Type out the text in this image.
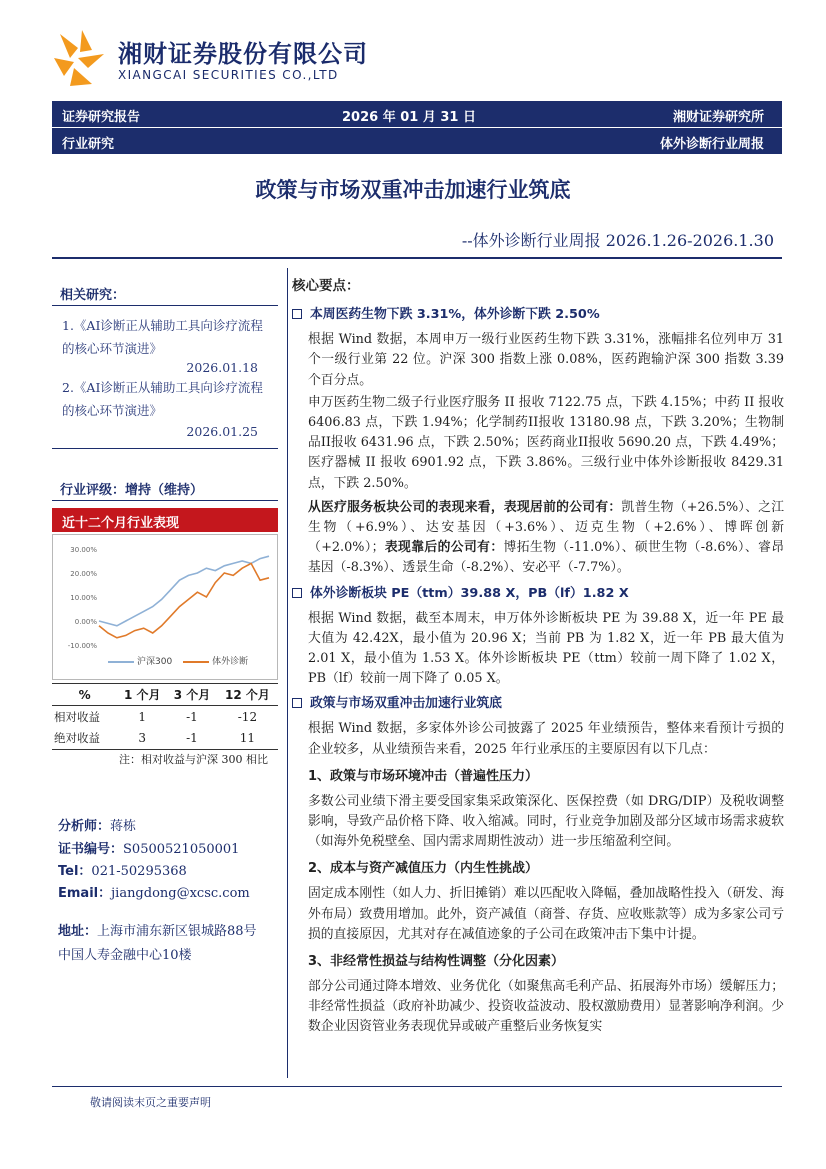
湘财证券股份有限公司
XIANGCAI SECURITIES CO.,LTD
证券研究报告	2026 年 01 月 31 日	湘财证券研究所
行业研究	体外诊断行业周报
政策与市场双重冲击加速行业筑底
--体外诊断行业周报 2026.1.26-2026.1.30
相关研究：
1.《AI诊断正从辅助工具向诊疗流程的核心环节演进》
2026.01.18
2.《AI诊断正从辅助工具向诊疗流程的核心环节演进》
2026.01.25
行业评级：增持（维持）
近十二个月行业表现
30.00%
20.00%
10.00%
0.00%
-10.00%
沪深300	体外诊断
%	1 个月	3 个月	12 个月
相对收益	1	-1	-12
绝对收益	3	-1	11
注：相对收益与沪深 300 相比
分析师：蒋栋
证书编号：S0500521050001
Tel：021-50295368
Email：jiangdong@xcsc.com
地址：上海市浦东新区银城路88号
中国人寿金融中心10楼
核心要点：
本周医药生物下跌 3.31%，体外诊断下跌 2.50%

根据 Wind 数据，本周申万一级行业医药生物下跌 3.31%，涨幅排名位列申万 31 个一级行业第 22 位。沪深 300 指数上涨 0.08%，医药跑输沪深 300 指数 3.39 个百分点。

申万医药生物二级子行业医疗服务 II 报收 7122.75 点，下跌 4.15%；中药 II 报收 6406.83 点，下跌 1.94%；化学制药II报收 13180.98 点，下跌 3.20%；生物制品II报收 6431.96 点，下跌 2.50%；医药商业II报收 5690.20 点，下跌 4.49%；医疗器械 II 报收 6901.92 点，下跌 3.86%。三级行业中体外诊断报收 8429.31 点，下跌 2.50%。

从医疗服务板块公司的表现来看，表现居前的公司有：凯普生物（+26.5%）、之江生物（+6.9%）、达安基因（+3.6%）、迈克生物（+2.6%）、博晖创新（+2.0%）；表现靠后的公司有：博拓生物（-11.0%）、硕世生物（-8.6%）、睿昂基因（-8.3%）、透景生命（-8.2%）、安必平（-7.7%）。

体外诊断板块 PE（ttm）39.88 X，PB（lf）1.82 X

根据 Wind 数据，截至本周末，申万体外诊断板块 PE 为 39.88 X，近一年 PE 最大值为 42.42X，最小值为 20.96 X；当前 PB 为 1.82 X，近一年 PB 最大值为 2.01 X，最小值为 1.53 X。体外诊断板块 PE（ttm）较前一周下降了 1.02 X，PB（lf）较前一周下降了 0.05 X。

政策与市场双重冲击加速行业筑底

根据 Wind 数据，多家体外诊公司披露了 2025 年业绩预告，整体来看预计亏损的企业较多，从业绩预告来看，2025 年行业承压的主要原因有以下几点：

1、政策与市场环境冲击（普遍性压力）

多数公司业绩下滑主要受国家集采政策深化、医保控费（如 DRG/DIP）及税收调整影响，导致产品价格下降、收入缩减。同时，行业竞争加剧及部分区域市场需求疲软（如海外免税壁垒、国内需求周期性波动）进一步压缩盈利空间。

2、成本与资产减值压力（内生性挑战）

固定成本刚性（如人力、折旧摊销）难以匹配收入降幅，叠加战略性投入（研发、海外布局）致费用增加。此外，资产减值（商誉、存货、应收账款等）成为多家公司亏损的直接原因，尤其对存在减值迹象的子公司在政策冲击下集中计提。

3、非经常性损益与结构性调整（分化因素）

部分公司通过降本增效、业务优化（如聚焦高毛利产品、拓展海外市场）缓解压力；非经常性损益（政府补助减少、投资收益波动、股权激励费用）显著影响净利润。少数企业因资管业务表现优异或破产重整后业务恢复实

敬请阅读末页之重要声明
